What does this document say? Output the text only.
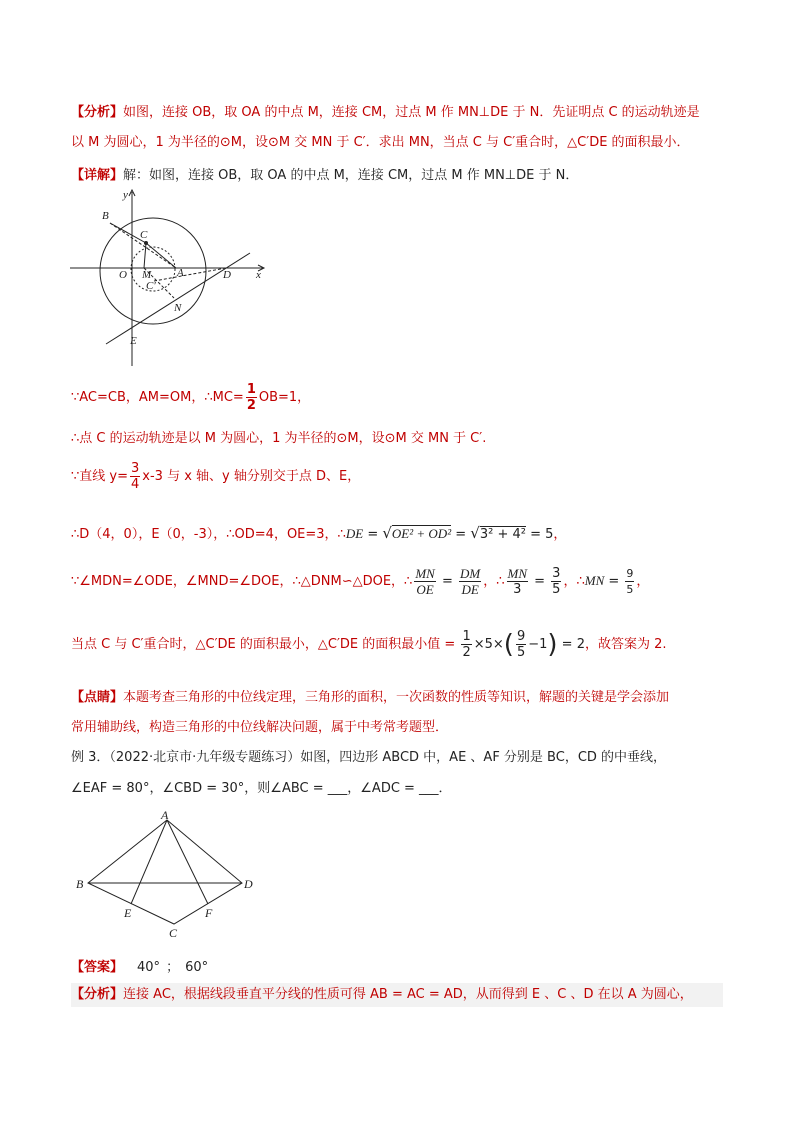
【分析】如图，连接 OB，取 OA 的中点 M，连接 CM，过点 M 作 MN⊥DE 于 N．先证明点 C 的运动轨迹是
以 M 为圆心，1 为半径的⊙M，设⊙M 交 MN 于 C′．求出 MN，当点 C 与 C′重合时，△C′DE 的面积最小．
【详解】解：如图，连接 OB，取 OA 的中点 M，连接 CM，过点 M 作 MN⊥DE 于 N．
y
x
B
C
O M A	D
C′
N
E
∵AC=CB，AM=OM，∴MC= $\frac{1}{2} OB=1$，
∴点 C 的运动轨迹是以 M 为圆心，1 为半径的⊙M，设⊙M 交 MN 于 C′.
∵直线 $y= \frac{3}{4} x-3$ 与 x 轴、y 轴分别交于点 D、E，
∴D（4，0），E（0，-3），∴OD=4，OE=3，∴DE = √OE² + OD² = √3² + 4² = 5，
∵∠MDN=∠ODE，∠MND=∠DOE，∴△DNM∽△DOE，∴ $\frac{MN}{OE} = \frac{DM}{DE}$ ，∴ $\frac{MN}{3} = \frac{3}{5}$ ，∴MN = $\frac{9}{5}$ ，
当点 C 与 C′重合时，△C′DE 的面积最小，△C′DE 的面积最小值 = $\frac{1}{2} \times 5\times( \frac{9}{5} -1) = 2$，故答案为 2.
【点睛】本题考查三角形的中位线定理，三角形的面积，一次函数的性质等知识，解题的关键是学会添加
常用辅助线，构造三角形的中位线解决问题，属于中考常考题型．
例 3．（2022·北京市·九年级专题练习）如图，四边形 ABCD 中，AE 、AF 分别是 BC，CD 的中垂线，
∠EAF = 80°，∠CBD = 30°，则∠ABC = ___，∠ADC = ___．
A
B
C
D
E	F
【答案】 40° ； 60°
【分析】连接 AC，根据线段垂直平分线的性质可得 AB = AC = AD，从而得到 E 、C 、D 在以 A 为圆心，
